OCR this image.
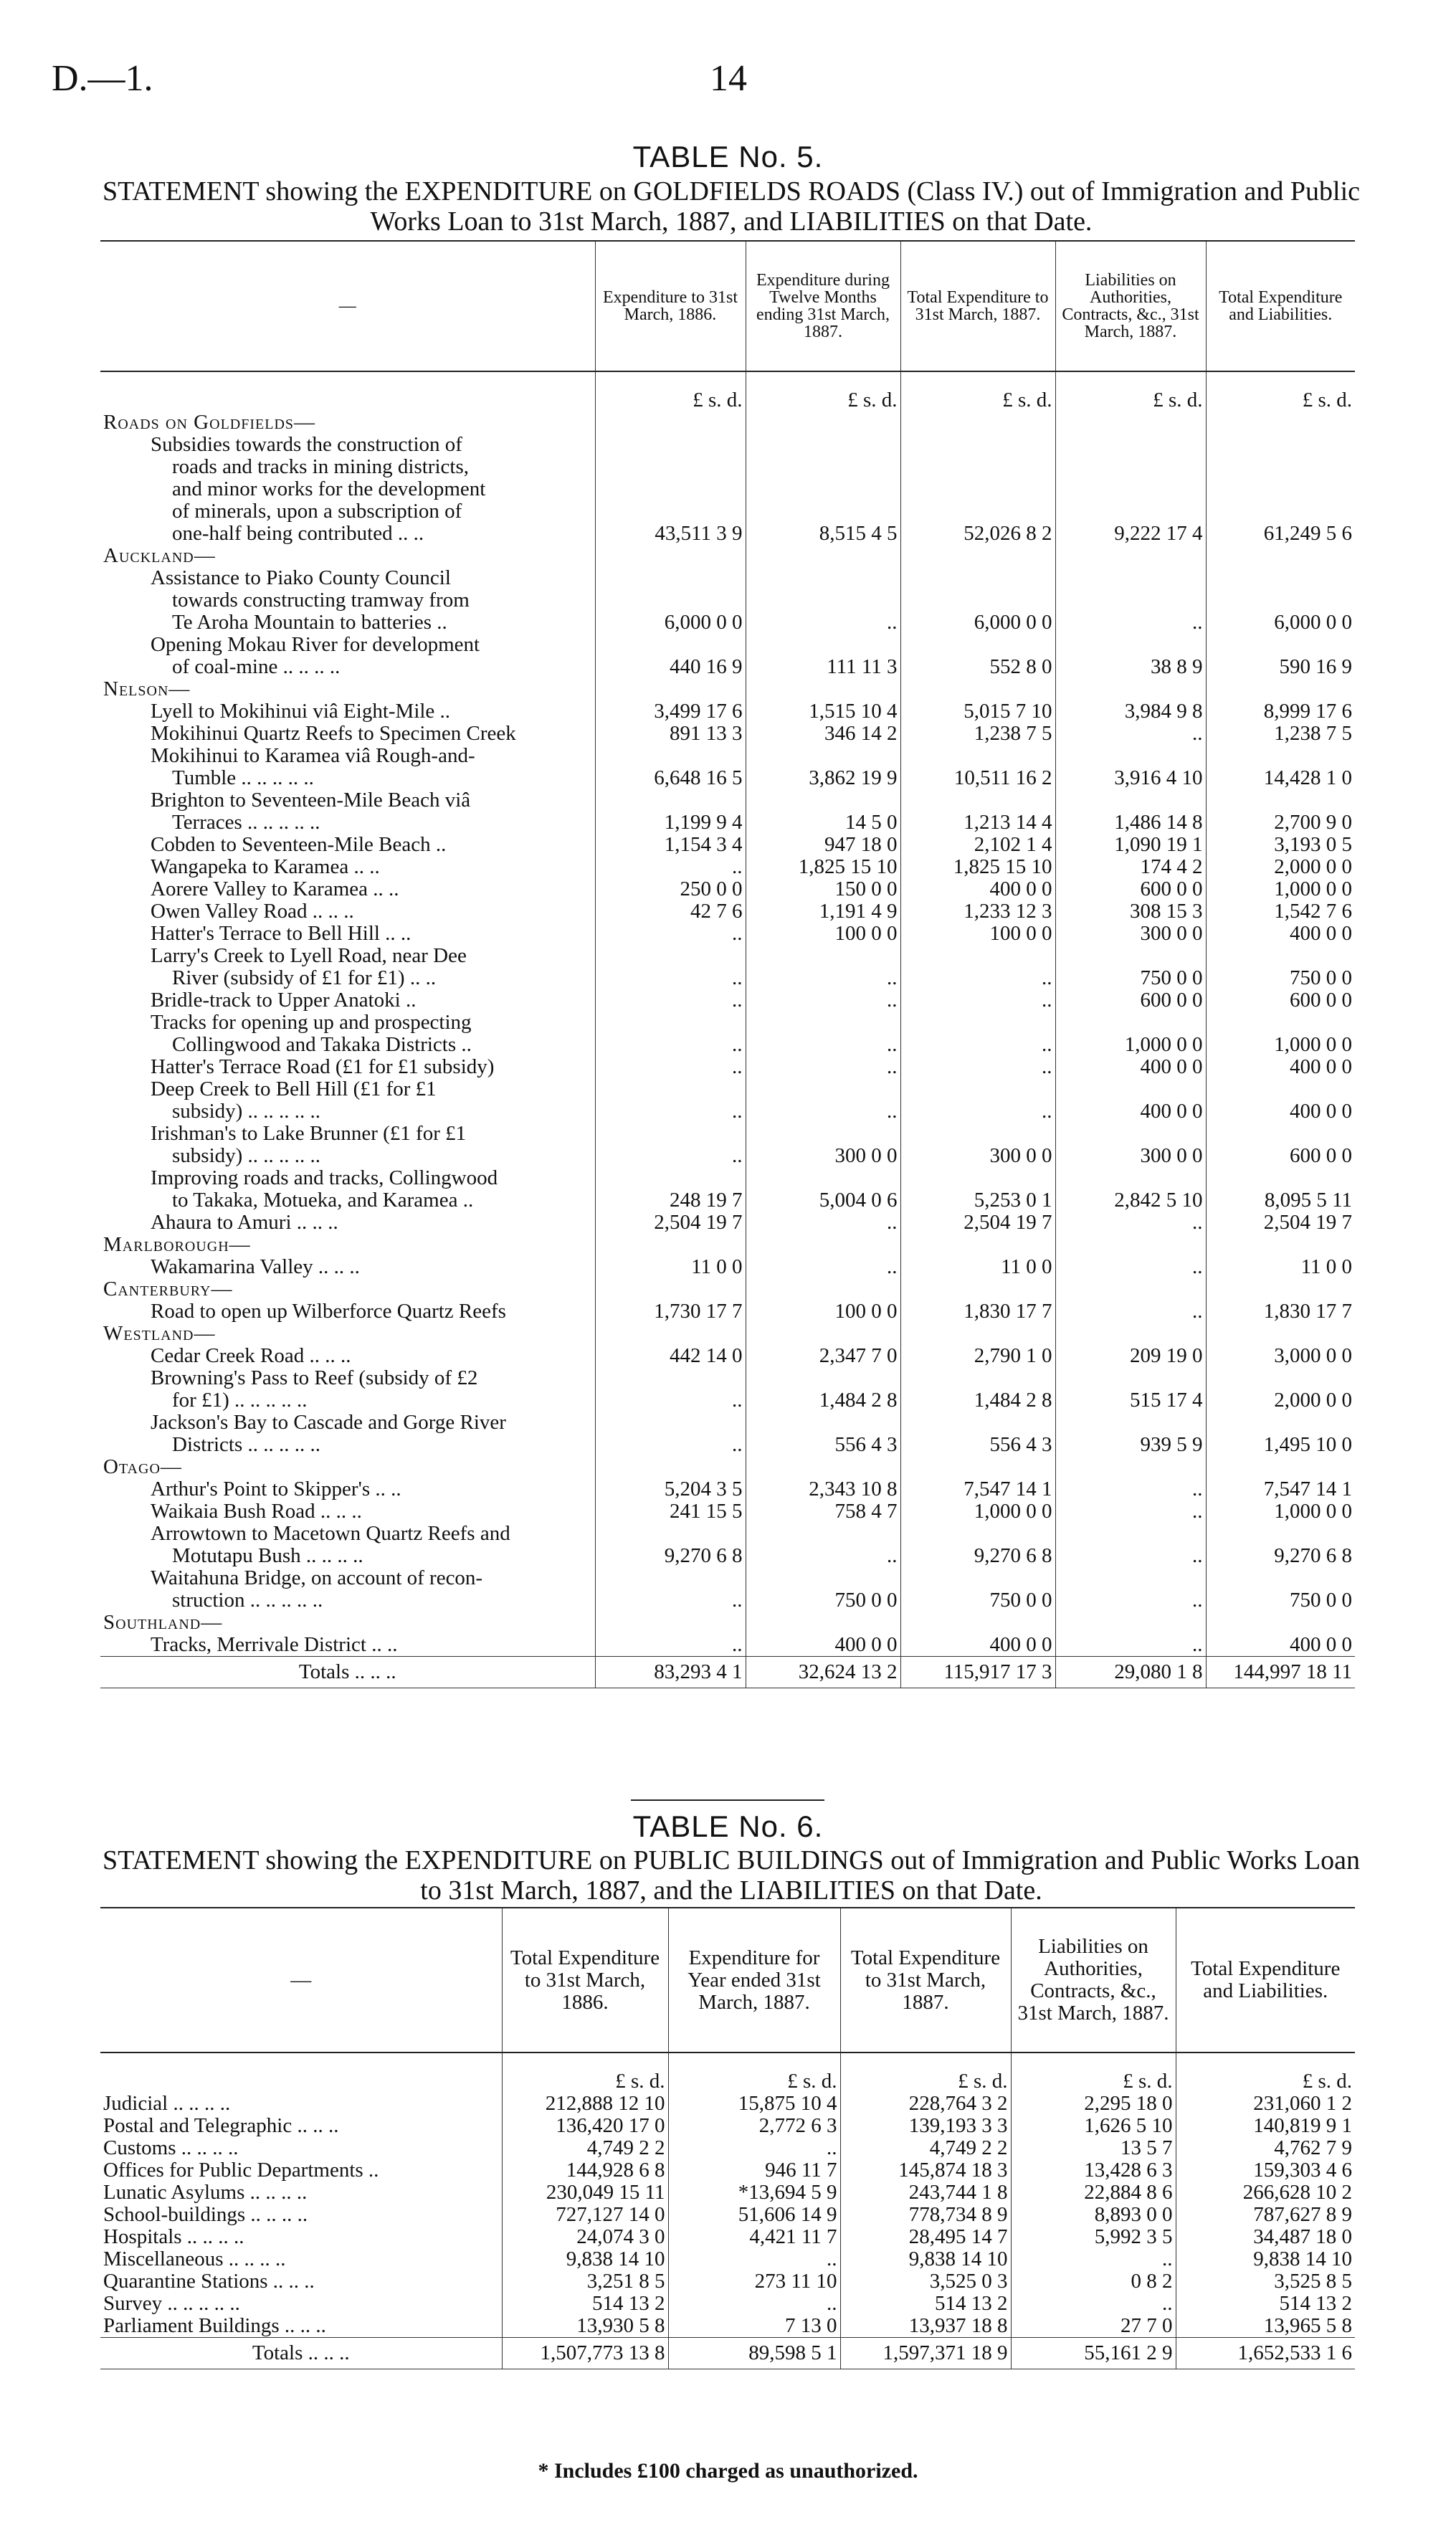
D.—1.	14
TABLE No. 5.
STATEMENT showing the EXPENDITURE on GOLDFIELDS ROADS (Class IV.) out of Immigration and Public Works Loan to 31st March, 1887, and LIABILITIES on that Date.
—	Expenditure to 31st March, 1886.	Expenditure during Twelve Months ending 31st March, 1887.	Total Expenditure to 31st March, 1887.	Liabilities on Authorities, Contracts, &c., 31st March, 1887.	Total Expenditure and Liabilities.
	£ s. d.	£ s. d.	£ s. d.	£ s. d.	£ s. d.
Roads on Goldfields—					
Subsidies towards the construction of					
roads and tracks in mining districts,					
and minor works for the development					
of minerals, upon a subscription of					
one-half being contributed .. ..	43,511 3 9	8,515 4 5	52,026 8 2	9,222 17 4	61,249 5 6
Auckland—					
Assistance to Piako County Council					
towards constructing tramway from					
Te Aroha Mountain to batteries ..	6,000 0 0	..	6,000 0 0	..	6,000 0 0
Opening Mokau River for development					
of coal-mine .. .. .. ..	440 16 9	111 11 3	552 8 0	38 8 9	590 16 9
Nelson—					
Lyell to Mokihinui viâ Eight-Mile ..	3,499 17 6	1,515 10 4	5,015 7 10	3,984 9 8	8,999 17 6
Mokihinui Quartz Reefs to Specimen Creek	891 13 3	346 14 2	1,238 7 5	..	1,238 7 5
Mokihinui to Karamea viâ Rough-and-					
Tumble .. .. .. .. ..	6,648 16 5	3,862 19 9	10,511 16 2	3,916 4 10	14,428 1 0
Brighton to Seventeen-Mile Beach viâ					
Terraces .. .. .. .. ..	1,199 9 4	14 5 0	1,213 14 4	1,486 14 8	2,700 9 0
Cobden to Seventeen-Mile Beach ..	1,154 3 4	947 18 0	2,102 1 4	1,090 19 1	3,193 0 5
Wangapeka to Karamea .. ..	..	1,825 15 10	1,825 15 10	174 4 2	2,000 0 0
Aorere Valley to Karamea .. ..	250 0 0	150 0 0	400 0 0	600 0 0	1,000 0 0
Owen Valley Road .. .. ..	42 7 6	1,191 4 9	1,233 12 3	308 15 3	1,542 7 6
Hatter's Terrace to Bell Hill .. ..	..	100 0 0	100 0 0	300 0 0	400 0 0
Larry's Creek to Lyell Road, near Dee					
River (subsidy of £1 for £1) .. ..	..	..	..	750 0 0	750 0 0
Bridle-track to Upper Anatoki ..	..	..	..	600 0 0	600 0 0
Tracks for opening up and prospecting					
Collingwood and Takaka Districts ..	..	..	..	1,000 0 0	1,000 0 0
Hatter's Terrace Road (£1 for £1 subsidy)	..	..	..	400 0 0	400 0 0
Deep Creek to Bell Hill (£1 for £1					
subsidy) .. .. .. .. ..	..	..	..	400 0 0	400 0 0
Irishman's to Lake Brunner (£1 for £1					
subsidy) .. .. .. .. ..	..	300 0 0	300 0 0	300 0 0	600 0 0
Improving roads and tracks, Collingwood					
to Takaka, Motueka, and Karamea ..	248 19 7	5,004 0 6	5,253 0 1	2,842 5 10	8,095 5 11
Ahaura to Amuri .. .. ..	2,504 19 7	..	2,504 19 7	..	2,504 19 7
Marlborough—					
Wakamarina Valley .. .. ..	11 0 0	..	11 0 0	..	11 0 0
Canterbury—					
Road to open up Wilberforce Quartz Reefs	1,730 17 7	100 0 0	1,830 17 7	..	1,830 17 7
Westland—					
Cedar Creek Road .. .. ..	442 14 0	2,347 7 0	2,790 1 0	209 19 0	3,000 0 0
Browning's Pass to Reef (subsidy of £2					
for £1) .. .. .. .. ..	..	1,484 2 8	1,484 2 8	515 17 4	2,000 0 0
Jackson's Bay to Cascade and Gorge River					
Districts .. .. .. .. ..	..	556 4 3	556 4 3	939 5 9	1,495 10 0
Otago—					
Arthur's Point to Skipper's .. ..	5,204 3 5	2,343 10 8	7,547 14 1	..	7,547 14 1
Waikaia Bush Road .. .. ..	241 15 5	758 4 7	1,000 0 0	..	1,000 0 0
Arrowtown to Macetown Quartz Reefs and					
Motutapu Bush .. .. .. ..	9,270 6 8	..	9,270 6 8	..	9,270 6 8
Waitahuna Bridge, on account of recon-					
struction .. .. .. .. ..	..	750 0 0	750 0 0	..	750 0 0
Southland—					
Tracks, Merrivale District .. ..	..	400 0 0	400 0 0	..	400 0 0
Totals .. .. ..	83,293 4 1	32,624 13 2	115,917 17 3	29,080 1 8	144,997 18 11
TABLE No. 6.
STATEMENT showing the EXPENDITURE on PUBLIC BUILDINGS out of Immigration and Public Works Loan to 31st March, 1887, and the LIABILITIES on that Date.
—	Total Expenditure to 31st March, 1886.	Expenditure for Year ended 31st March, 1887.	Total Expenditure to 31st March, 1887.	Liabilities on Authorities, Contracts, &c., 31st March, 1887.	Total Expenditure and Liabilities.
	£ s. d.	£ s. d.	£ s. d.	£ s. d.	£ s. d.
Judicial .. .. .. ..	212,888 12 10	15,875 10 4	228,764 3 2	2,295 18 0	231,060 1 2
Postal and Telegraphic .. .. ..	136,420 17 0	2,772 6 3	139,193 3 3	1,626 5 10	140,819 9 1
Customs .. .. .. ..	4,749 2 2	..	4,749 2 2	13 5 7	4,762 7 9
Offices for Public Departments ..	144,928 6 8	946 11 7	145,874 18 3	13,428 6 3	159,303 4 6
Lunatic Asylums .. .. .. ..	230,049 15 11	*13,694 5 9	243,744 1 8	22,884 8 6	266,628 10 2
School-buildings .. .. .. ..	727,127 14 0	51,606 14 9	778,734 8 9	8,893 0 0	787,627 8 9
Hospitals .. .. .. ..	24,074 3 0	4,421 11 7	28,495 14 7	5,992 3 5	34,487 18 0
Miscellaneous .. .. .. ..	9,838 14 10	..	9,838 14 10	..	9,838 14 10
Quarantine Stations .. .. ..	3,251 8 5	273 11 10	3,525 0 3	0 8 2	3,525 8 5
Survey .. .. .. .. ..	514 13 2	..	514 13 2	..	514 13 2
Parliament Buildings .. .. ..	13,930 5 8	7 13 0	13,937 18 8	27 7 0	13,965 5 8
Totals .. .. ..	1,507,773 13 8	89,598 5 1	1,597,371 18 9	55,161 2 9	1,652,533 1 6
* Includes £100 charged as unauthorized.
